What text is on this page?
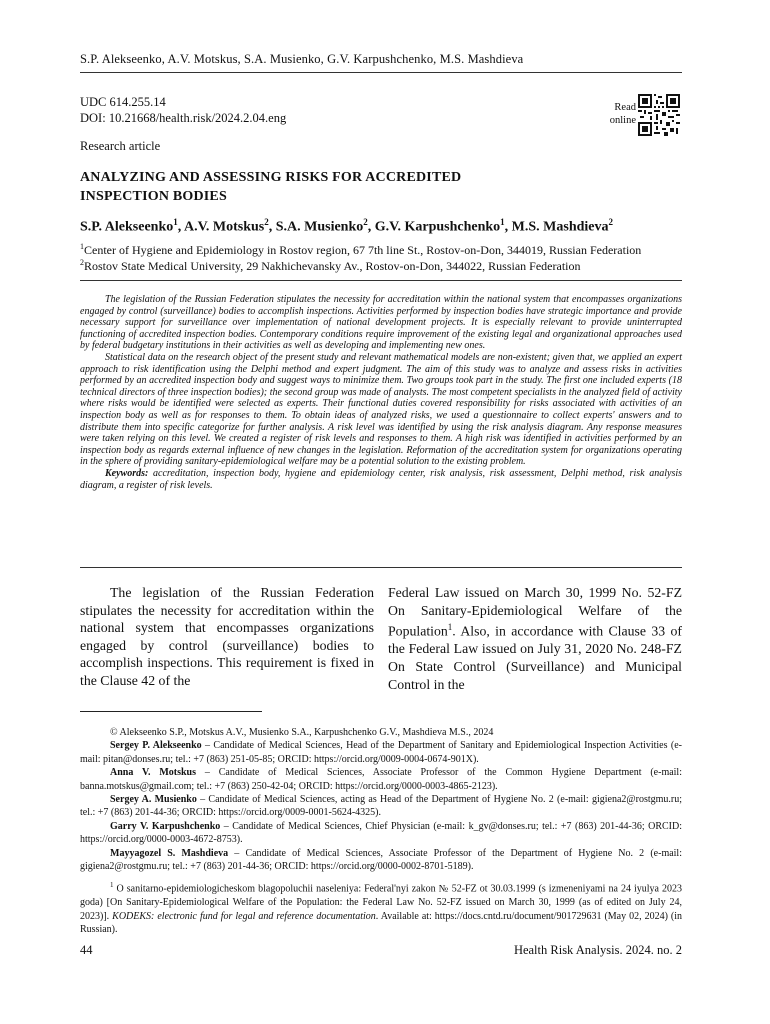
S.P. Alekseenko, A.V. Motskus, S.A. Musienko, G.V. Karpushchenko, M.S. Mashdieva
UDC 614.255.14
DOI: 10.21668/health.risk/2024.2.04.eng
Read
online
Research article
ANALYZING AND ASSESSING RISKS FOR ACCREDITED
INSPECTION BODIES
S.P. Alekseenko$^1$, A.V. Motskus$^2$, S.A. Musienko$^2$, G.V. Karpushchenko$^1$, M.S. Mashdieva$^2$
$^1$Center of Hygiene and Epidemiology in Rostov region, 67 7th line St., Rostov-on-Don, 344019, Russian Federation
$^2$Rostov State Medical University, 29 Nakhichevansky Av., Rostov-on-Don, 344022, Russian Federation

The legislation of the Russian Federation stipulates the necessity for accreditation within the national system that encompasses organizations engaged by control (surveillance) bodies to accomplish inspections. Activities performed by inspection bodies have strategic importance and provide necessary support for surveillance over implementation of national development projects. It is especially relevant to provide uninterrupted functioning of accredited inspection bodies. Contemporary conditions require improvement of the existing legal and organizational approaches used by federal budgetary institutions in their activities as well as developing and implementing new ones.

Statistical data on the research object of the present study and relevant mathematical models are non-existent; given that, we applied an expert approach to risk identification using the Delphi method and expert judgment. The aim of this study was to analyze and assess risks in activities performed by an accredited inspection body and suggest ways to minimize them. Two groups took part in the study. The first one included experts (18 technical directors of three inspection bodies); the second group was made of analysts. The most competent specialists in the analyzed field of activity where risks would be identified were selected as experts. Their functional duties covered responsibility for risks associated with activities of an inspection body as well as for responses to them. To obtain ideas of analyzed risks, we used a questionnaire to collect experts' answers and to distribute them into specific categorize for further analysis. A risk level was identified by using the risk analysis diagram. Any response measures were taken relying on this level. We created a register of risk levels and responses to them. A high risk was identified in activities performed by an inspection body as regards external influence of new changes in the legislation. Reformation of the accreditation system for organizations operating in the sphere of providing sanitary-epidemiological welfare may be a potential solution to the existing problem.

Keywords: accreditation, inspection body, hygiene and epidemiology center, risk analysis, risk assessment, Delphi method, risk analysis diagram, a register of risk levels.

The legislation of the Russian Federation stipulates the necessity for accreditation within the national system that encompasses organizations engaged by control (surveillance) bodies to accomplish inspections. This requirement is fixed in the Clause 42 of the

Federal Law issued on March 30, 1999 No. 52-FZ On Sanitary-Epidemiological Welfare of the Population$^1$. Also, in accordance with Clause 33 of the Federal Law issued on July 31, 2020 No. 248-FZ On State Control (Surveillance) and Municipal Control in the

© Alekseenko S.P., Motskus A.V., Musienko S.A., Karpushchenko G.V., Mashdieva M.S., 2024

Sergey P. Alekseenko – Candidate of Medical Sciences, Head of the Department of Sanitary and Epidemiological Inspection Activities (e-mail: pitan@donses.ru; tel.: +7 (863) 251-05-85; ORCID: https://orcid.org/0009-0004-0674-901X).

Anna V. Motskus – Candidate of Medical Sciences, Associate Professor of the Common Hygiene Department (e-mail: banna.motskus@gmail.com; tel.: +7 (863) 250-42-04; ORCID: https://orcid.org/0000-0003-4865-2123).

Sergey A. Musienko – Candidate of Medical Sciences, acting as Head of the Department of Hygiene No. 2 (e-mail: gigiena2@rostgmu.ru; tel.: +7 (863) 201-44-36; ORCID: https://orcid.org/0009-0001-5624-4325).

Garry V. Karpushchenko – Candidate of Medical Sciences, Chief Physician (e-mail: k_gv@donses.ru; tel.: +7 (863) 201-44-36; ORCID: https://orcid.org/0000-0003-4672-8753).

Mayyagozel S. Mashdieva – Candidate of Medical Sciences, Associate Professor of the Department of Hygiene No. 2 (e-mail: gigiena2@rostgmu.ru; tel.: +7 (863) 201-44-36; ORCID: https://orcid.org/0000-0002-8701-5189).

$^1$ O sanitarno-epidemiologicheskom blagopoluchii naseleniya: Federal'nyi zakon № 52-FZ ot 30.03.1999 (s izmeneniyami na 24 iyulya 2023 goda) [On Sanitary-Epidemiological Welfare of the Population: the Federal Law No. 52-FZ issued on March 30, 1999 (as of edited on July 24, 2023)]. KODEKS: electronic fund for legal and reference documentation. Available at: https://docs.cntd.ru/document/901729631 (May 02, 2024) (in Russian).

44	Health Risk Analysis. 2024. no. 2
